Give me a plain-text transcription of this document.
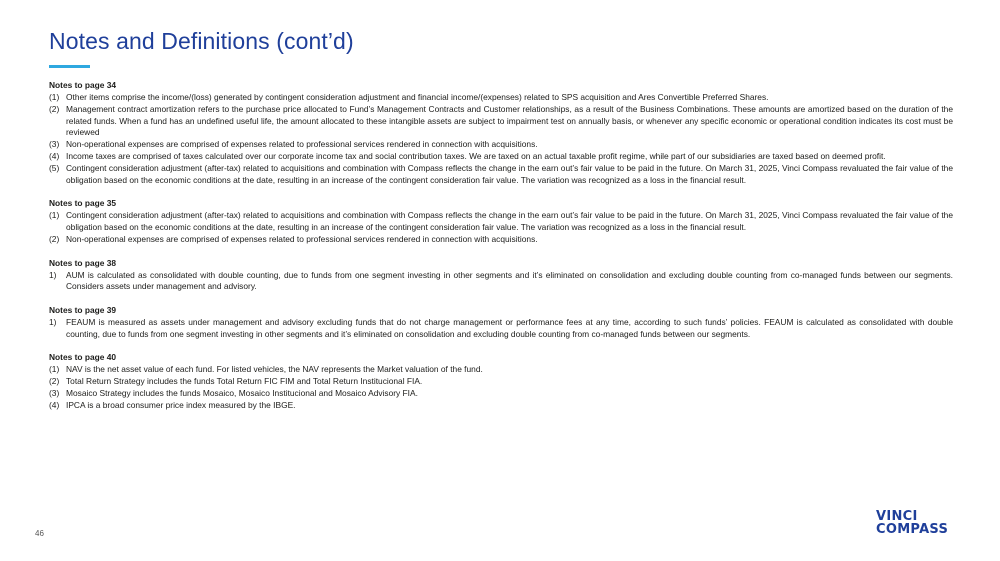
Notes and Definitions (cont’d)
Notes to page 34
(1) Other items comprise the income/(loss) generated by contingent consideration adjustment and financial income/(expenses) related to SPS acquisition and Ares Convertible Preferred Shares.
(2) Management contract amortization refers to the purchase price allocated to Fund’s Management Contracts and Customer relationships, as a result of the Business Combinations. These amounts are amortized based on the duration of the related funds. When a fund has an undefined useful life, the amount allocated to these intangible assets are subject to impairment test on annually basis, or whenever any specific economic or operational condition indicates its cost must be reviewed
(3) Non-operational expenses are comprised of expenses related to professional services rendered in connection with acquisitions.
(4) Income taxes are comprised of taxes calculated over our corporate income tax and social contribution taxes. We are taxed on an actual taxable profit regime, while part of our subsidiaries are taxed based on deemed profit.
(5) Contingent consideration adjustment (after-tax) related to acquisitions and combination with Compass reflects the change in the earn out’s fair value to be paid in the future. On March 31, 2025, Vinci Compass revaluated the fair value of the obligation based on the economic conditions at the date, resulting in an increase of the contingent consideration fair value. The variation was recognized as a loss in the financial result.
Notes to page 35
(1) Contingent consideration adjustment (after-tax) related to acquisitions and combination with Compass reflects the change in the earn out’s fair value to be paid in the future. On March 31, 2025, Vinci Compass revaluated the fair value of the obligation based on the economic conditions at the date, resulting in an increase of the contingent consideration fair value. The variation was recognized as a loss in the financial result.
(2) Non-operational expenses are comprised of expenses related to professional services rendered in connection with acquisitions.
Notes to page 38
1)	AUM is calculated as consolidated with double counting, due to funds from one segment investing in other segments and it’s eliminated on consolidation and excluding double counting from co-managed funds between our segments. Considers assets under management and advisory.
Notes to page 39
1)	FEAUM is measured as assets under management and advisory excluding funds that do not charge management or performance fees at any time, according to such funds’ policies. FEAUM is calculated as consolidated with double counting, due to funds from one segment investing in other segments and it’s eliminated on consolidation and excluding double counting from co-managed funds between our segments.
Notes to page 40
(1) NAV is the net asset value of each fund. For listed vehicles, the NAV represents the Market valuation of the fund.
(2) Total Return Strategy includes the funds Total Return FIC FIM and Total Return Institucional FIA.
(3) Mosaico Strategy includes the funds Mosaico, Mosaico Institucional and Mosaico Advisory FIA.
(4) IPCA is a broad consumer price index measured by the IBGE.
46
VINCI
COMPASS
